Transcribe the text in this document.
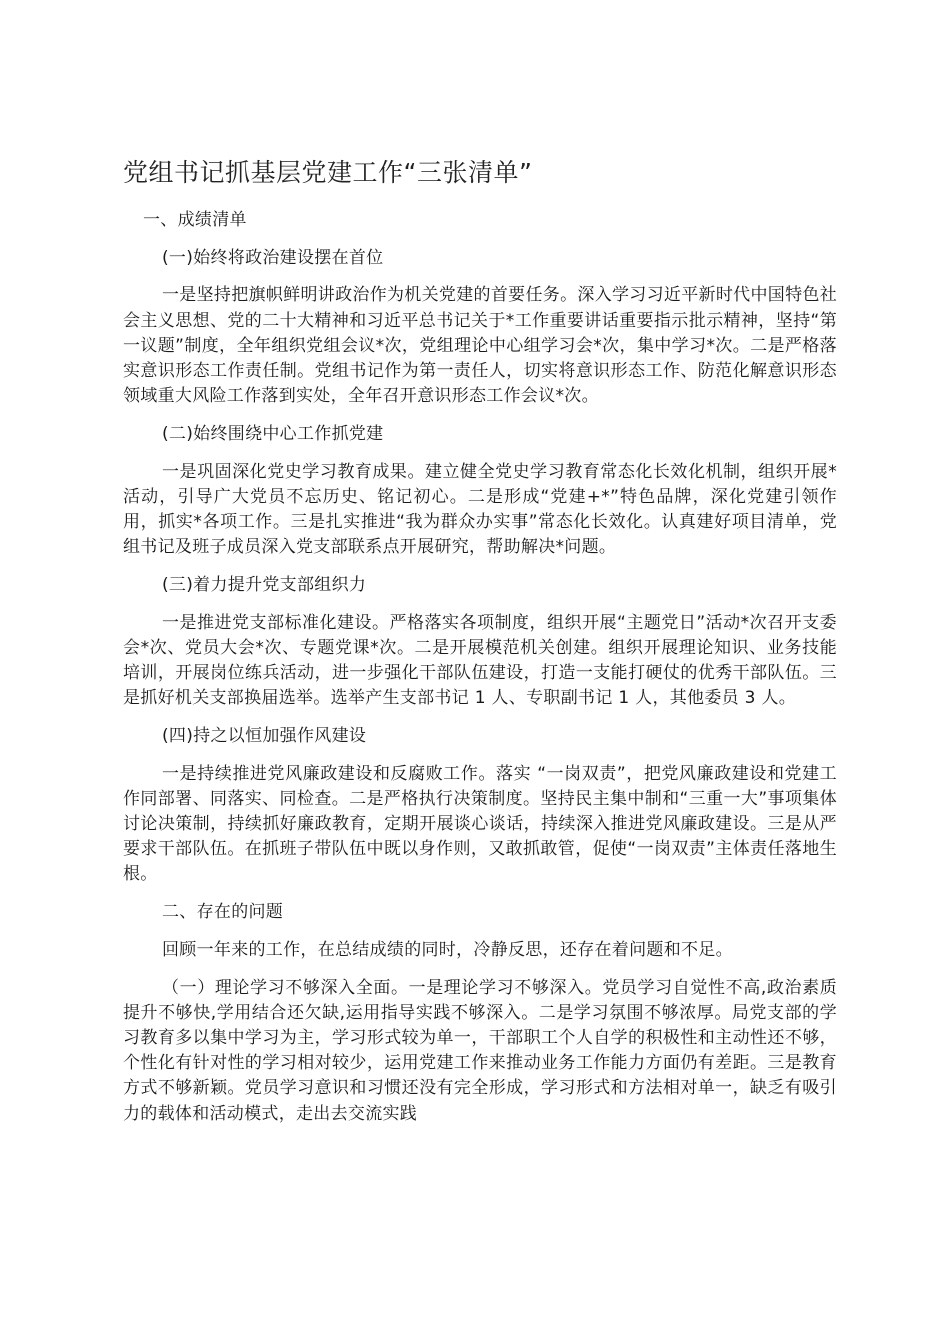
党组书记抓基层党建工作“三张清单”

一、成绩清单

(一)始终将政治建设摆在首位

一是坚持把旗帜鲜明讲政治作为机关党建的首要任务。深入学习习近平新时代中国特色社会主义思想、党的二十大精神和习近平总书记关于*工作重要讲话重要指示批示精神，坚持“第一议题”制度，全年组织党组会议*次，党组理论中心组学习会*次，集中学习*次。二是严格落实意识形态工作责任制。党组书记作为第一责任人，切实将意识形态工作、防范化解意识形态领域重大风险工作落到实处，全年召开意识形态工作会议*次。

(二)始终围绕中心工作抓党建

一是巩固深化党史学习教育成果。建立健全党史学习教育常态化长效化机制，组织开展*活动，引导广大党员不忘历史、铭记初心。二是形成“党建+*”特色品牌，深化党建引领作用，抓实*各项工作。三是扎实推进“我为群众办实事”常态化长效化。认真建好项目清单，党组书记及班子成员深入党支部联系点开展研究，帮助解决*问题。

(三)着力提升党支部组织力

一是推进党支部标准化建设。严格落实各项制度，组织开展“主题党日”活动*次召开支委会*次、党员大会*次、专题党课*次。二是开展模范机关创建。组织开展理论知识、业务技能培训，开展岗位练兵活动，进一步强化干部队伍建设，打造一支能打硬仗的优秀干部队伍。三是抓好机关支部换届选举。选举产生支部书记 1 人、专职副书记 1 人，其他委员 3 人。

(四)持之以恒加强作风建设

一是持续推进党风廉政建设和反腐败工作。落实 “一岗双责”，把党风廉政建设和党建工作同部署、同落实、同检查。二是严格执行决策制度。坚持民主集中制和“三重一大”事项集体讨论决策制，持续抓好廉政教育，定期开展谈心谈话，持续深入推进党风廉政建设。三是从严要求干部队伍。在抓班子带队伍中既以身作则，又敢抓敢管，促使“一岗双责”主体责任落地生根。

二、存在的问题

回顾一年来的工作，在总结成绩的同时，冷静反思，还存在着问题和不足。

（一）理论学习不够深入全面。一是理论学习不够深入。党员学习自觉性不高,政治素质提升不够快,学用结合还欠缺,运用指导实践不够深入。二是学习氛围不够浓厚。局党支部的学习教育多以集中学习为主，学习形式较为单一，干部职工个人自学的积极性和主动性还不够，个性化有针对性的学习相对较少，运用党建工作来推动业务工作能力方面仍有差距。三是教育方式不够新颖。党员学习意识和习惯还没有完全形成，学习形式和方法相对单一，缺乏有吸引力的载体和活动模式，走出去交流实践
